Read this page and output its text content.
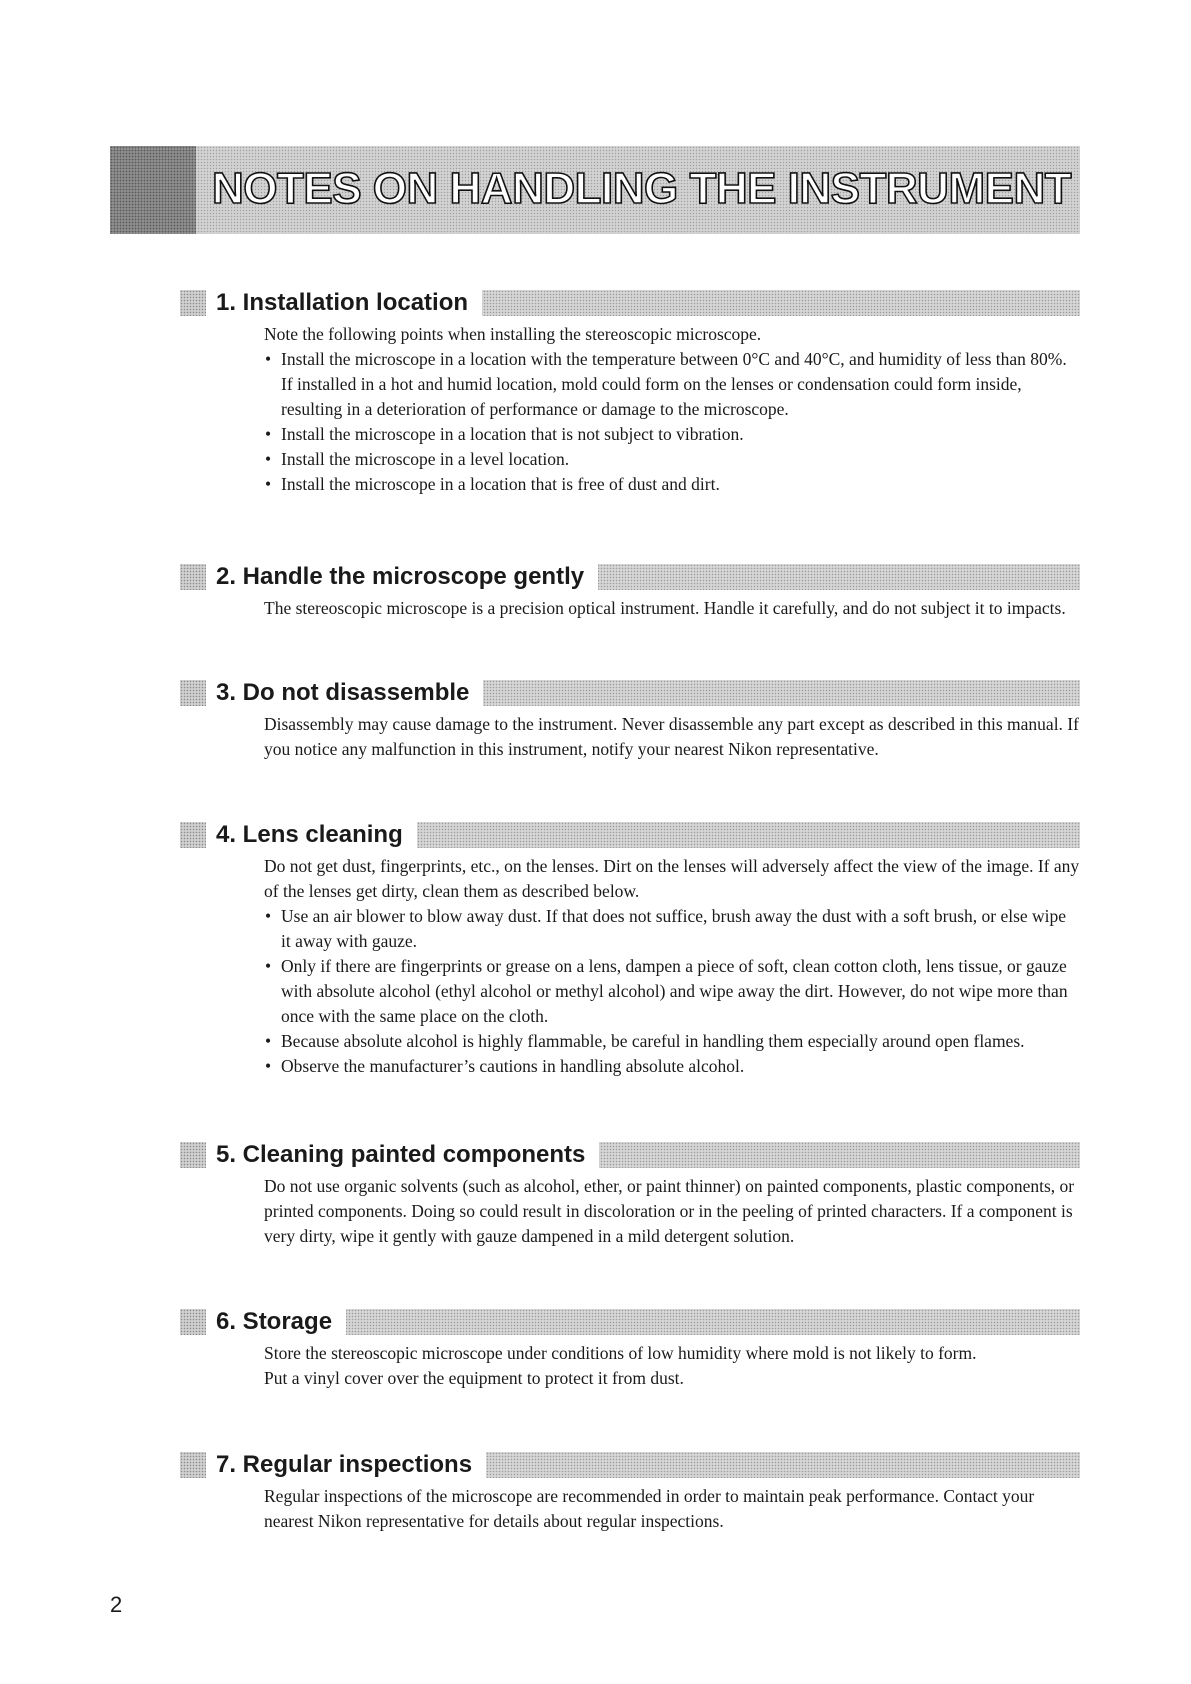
NOTES ON HANDLING THE INSTRUMENT
1. Installation location

Note the following points when installing the stereoscopic microscope.

• Install the microscope in a location with the temperature between 0°C and 40°C, and humidity of less than 80%. If installed in a hot and humid location, mold could form on the lenses or condensation could form inside, resulting in a deterioration of performance or damage to the microscope.
• Install the microscope in a location that is not subject to vibration.
• Install the microscope in a level location.
• Install the microscope in a location that is free of dust and dirt.
2. Handle the microscope gently

The stereoscopic microscope is a precision optical instrument. Handle it carefully, and do not subject it to impacts.

3. Do not disassemble

Disassembly may cause damage to the instrument. Never disassemble any part except as described in this manual. If you notice any malfunction in this instrument, notify your nearest Nikon representative.

4. Lens cleaning

Do not get dust, fingerprints, etc., on the lenses. Dirt on the lenses will adversely affect the view of the image. If any of the lenses get dirty, clean them as described below.

• Use an air blower to blow away dust. If that does not suffice, brush away the dust with a soft brush, or else wipe it away with gauze.
• Only if there are fingerprints or grease on a lens, dampen a piece of soft, clean cotton cloth, lens tissue, or gauze with absolute alcohol (ethyl alcohol or methyl alcohol) and wipe away the dirt. However, do not wipe more than once with the same place on the cloth.
• Because absolute alcohol is highly flammable, be careful in handling them especially around open flames.
• Observe the manufacturer’s cautions in handling absolute alcohol.
5. Cleaning painted components

Do not use organic solvents (such as alcohol, ether, or paint thinner) on painted components, plastic components, or printed components. Doing so could result in discoloration or in the peeling of printed characters. If a component is very dirty, wipe it gently with gauze dampened in a mild detergent solution.

6. Storage

Store the stereoscopic microscope under conditions of low humidity where mold is not likely to form.

Put a vinyl cover over the equipment to protect it from dust.

7. Regular inspections

Regular inspections of the microscope are recommended in order to maintain peak performance. Contact your nearest Nikon representative for details about regular inspections.

2
